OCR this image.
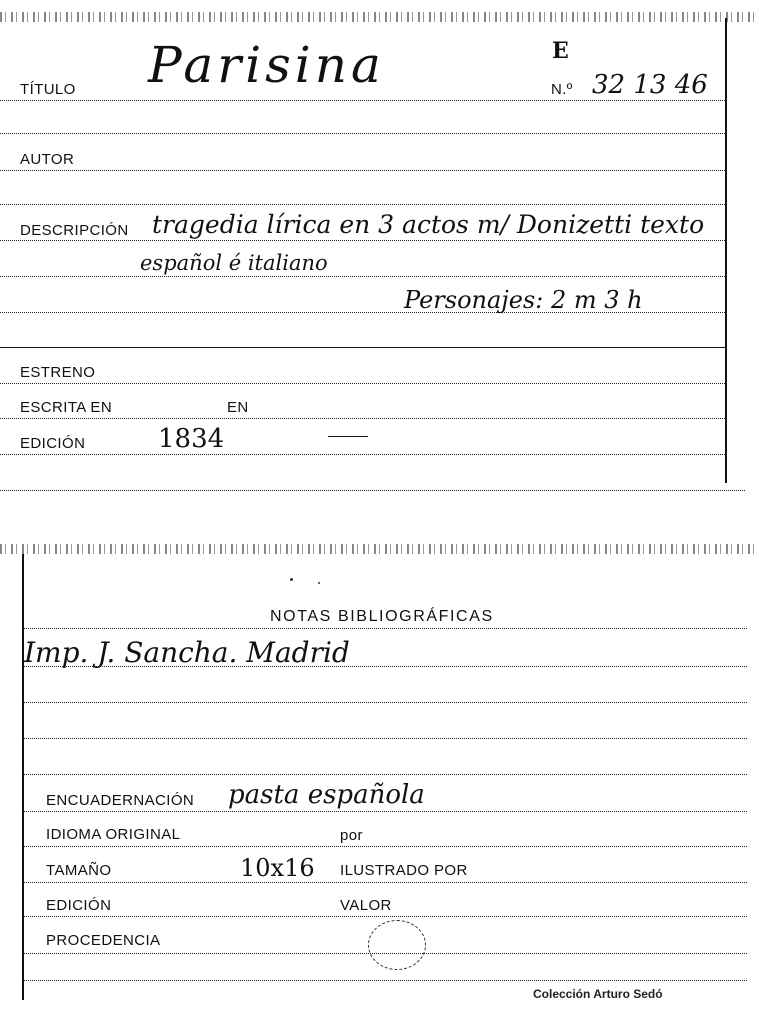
TÍTULO Parisina	E
N.º 32 13 46
AUTOR
DESCRIPCIÓN tragedia lírica en 3 actos m/ Donizetti texto
español é italiano
Personajes: 2 m 3 h
ESTRENO
ESCRITA EN	EN
EDICIÓN	1834
NOTAS BIBLIOGRÁFICAS
Imp. J. Sancha. Madrid
ENCUADERNACIÓN pasta española
IDIOMA ORIGINAL	por
TAMAÑO	10x16 ILUSTRADO POR
EDICIÓN	VALOR
PROCEDENCIA
Colección Arturo Sedó
